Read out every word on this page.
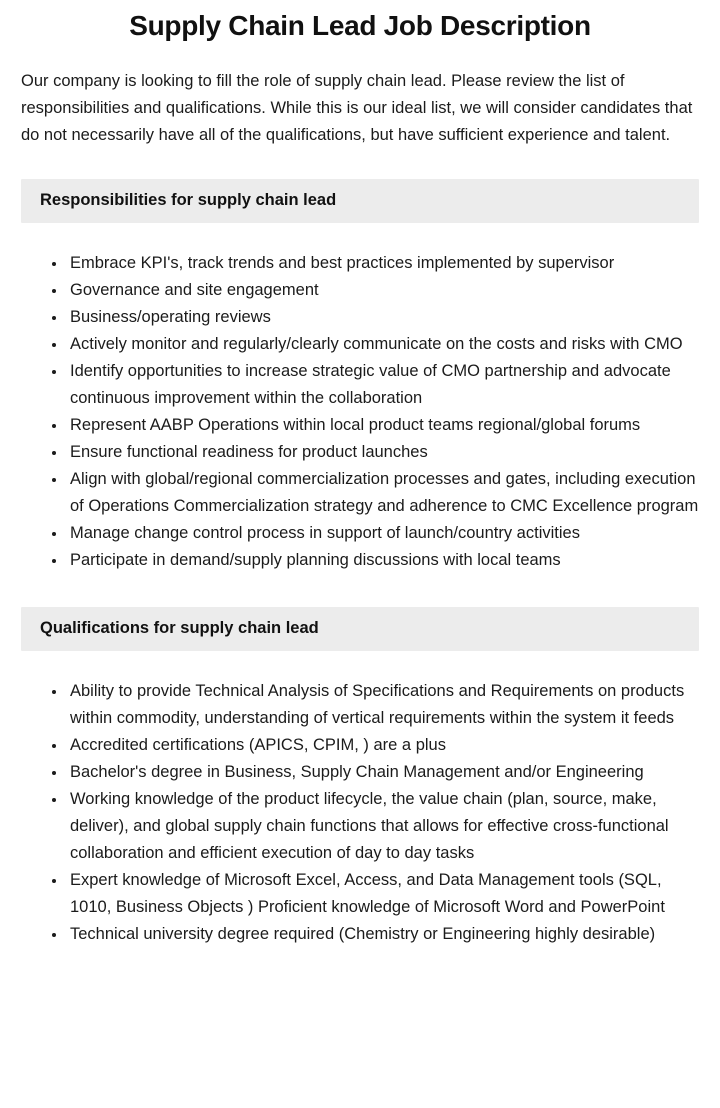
Supply Chain Lead Job Description

Our company is looking to fill the role of supply chain lead. Please review the list of responsibilities and qualifications. While this is our ideal list, we will consider candidates that do not necessarily have all of the qualifications, but have sufficient experience and talent.

Responsibilities for supply chain lead
• Embrace KPI's, track trends and best practices implemented by supervisor
• Governance and site engagement
• Business/operating reviews
• Actively monitor and regularly/clearly communicate on the costs and risks with CMO
• Identify opportunities to increase strategic value of CMO partnership and advocate continuous improvement within the collaboration
• Represent AABP Operations within local product teams regional/global forums
• Ensure functional readiness for product launches
• Align with global/regional commercialization processes and gates, including execution of Operations Commercialization strategy and adherence to CMC Excellence program
• Manage change control process in support of launch/country activities
• Participate in demand/supply planning discussions with local teams
Qualifications for supply chain lead
• Ability to provide Technical Analysis of Specifications and Requirements on products within commodity, understanding of vertical requirements within the system it feeds
• Accredited certifications (APICS, CPIM, ) are a plus
• Bachelor's degree in Business, Supply Chain Management and/or Engineering
• Working knowledge of the product lifecycle, the value chain (plan, source, make, deliver), and global supply chain functions that allows for effective cross-functional collaboration and efficient execution of day to day tasks
• Expert knowledge of Microsoft Excel, Access, and Data Management tools (SQL, 1010, Business Objects ) Proficient knowledge of Microsoft Word and PowerPoint
• Technical university degree required (Chemistry or Engineering highly desirable)
